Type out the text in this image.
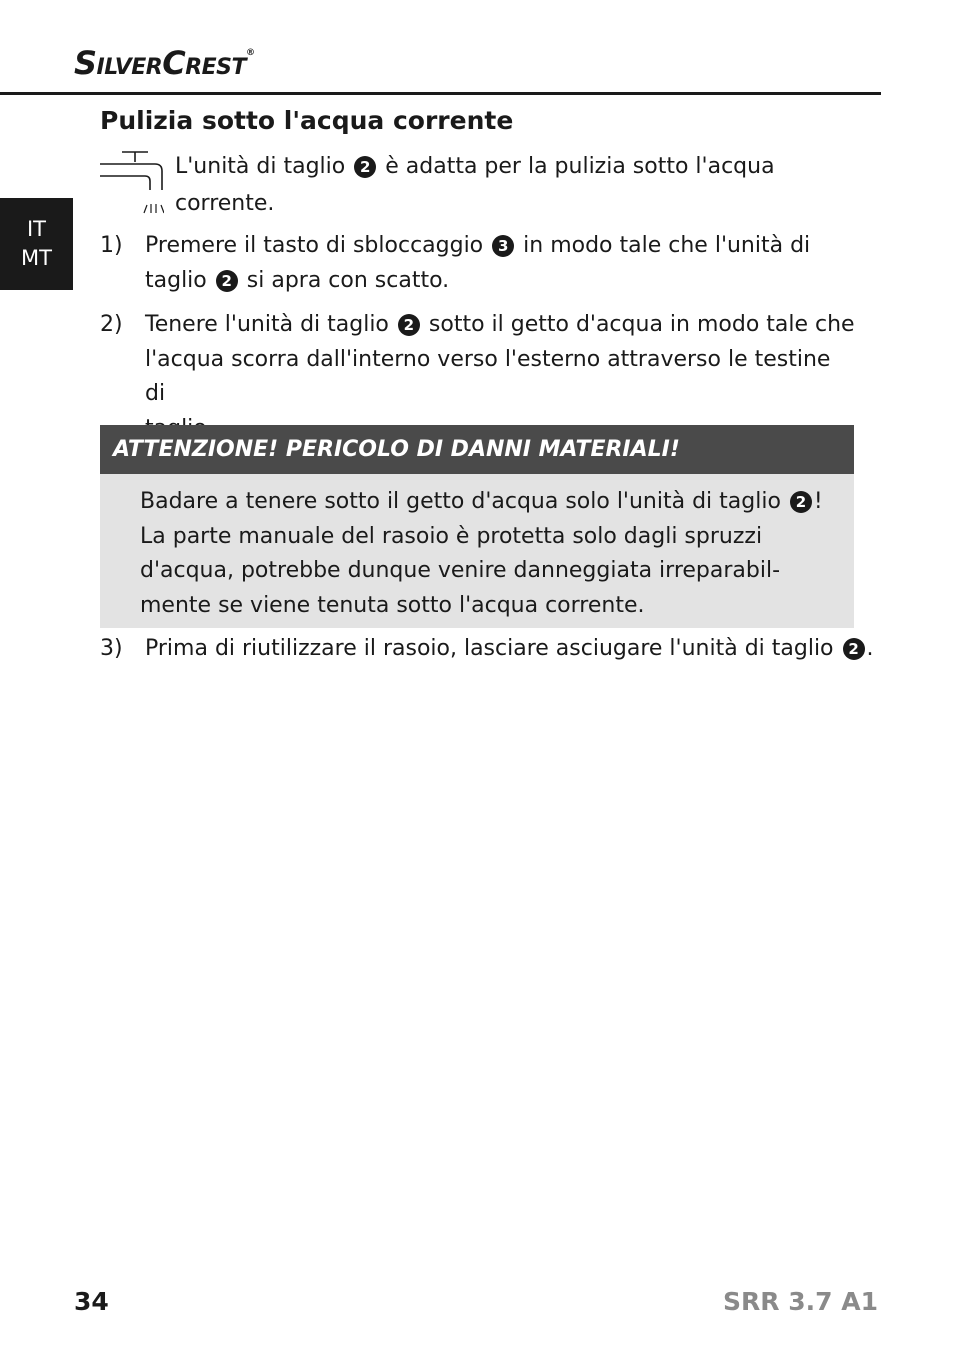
SilverCrest®
IT
MT
Pulizia sotto l'acqua corrente
L'unità di taglio 2 è adatta per la pulizia sotto l'acqua
corrente.
1) Premere il tasto di sbloccaggio 3 in modo tale che l'unità di
taglio 2 si apra con scatto.
2) Tenere l'unità di taglio 2 sotto il getto d'acqua in modo tale che
l'acqua scorra dall'interno verso l'esterno attraverso le testine di
ATTENZIONE! PERICOLO DI DANNI MATERIALI!
Badare a tenere sotto il getto d'acqua solo l'unità di taglio 2 !
La parte manuale del rasoio è protetta solo dagli spruzzi
d'acqua, potrebbe dunque venire danneggiata irreparabil-
mente se viene tenuta sotto l'acqua corrente.
3) Prima di riutilizzare il rasoio, lasciare asciugare l'unità di taglio 2 .
34	SRR 3.7 A1
